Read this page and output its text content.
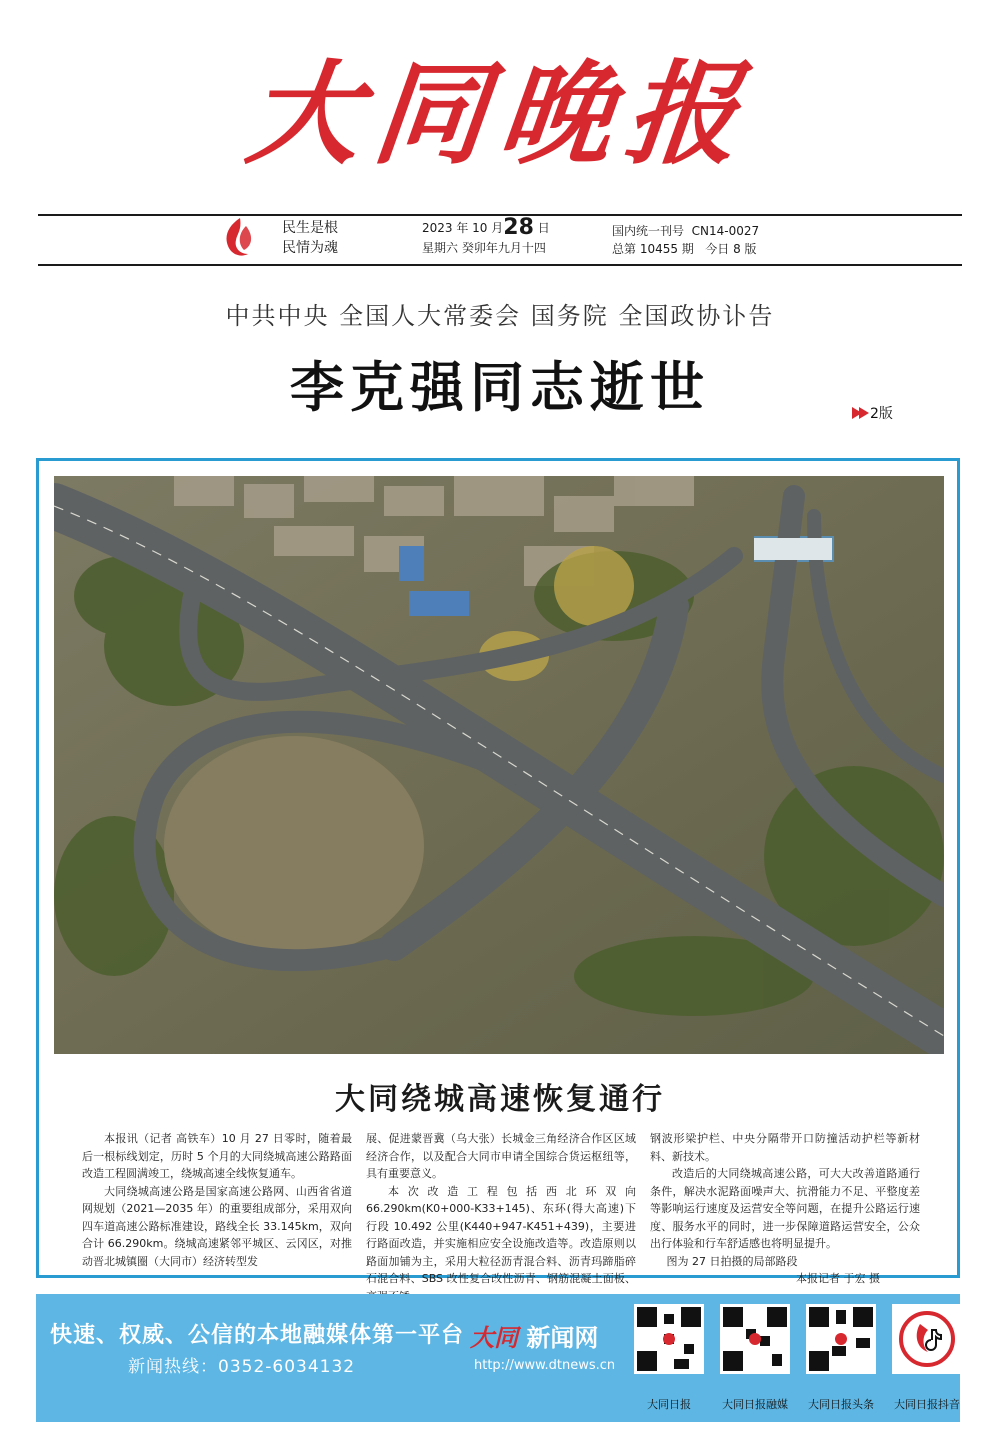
大同晚报
民生是根
民情为魂
2023 年 10 月28 日
星期六 癸卯年九月十四
国内统一刊号 CN14-0027
总第 10455 期 今日 8 版
中共中央 全国人大常委会 国务院 全国政协讣告
李克强同志逝世	2版
大同绕城高速恢复通行

本报讯（记者 高铁车）10 月 27 日零时，随着最后一根标线划定，历时 5 个月的大同绕城高速公路路面改造工程圆满竣工，绕城高速全线恢复通车。

大同绕城高速公路是国家高速公路网、山西省省道网规划（2021—2035 年）的重要组成部分，采用双向四车道高速公路标准建设，路线全长 33.145km，双向合计 66.290km。绕城高速紧邻平城区、云冈区，对推动晋北城镇圈（大同市）经济转型发

展、促进蒙晋冀（乌大张）长城金三角经济合作区区域经济合作，以及配合大同市申请全国综合货运枢纽等，具有重要意义。

本次改造工程包括西北环双向 66.290km(K0+000-K33+145)、东环(得大高速)下行段 10.492 公里(K440+947-K451+439)，主要进行路面改造，并实施相应安全设施改造等。改造原则以路面加铺为主，采用大粒径沥青混合料、沥青玛蹄脂碎石混合料、SBS 改性复合改性沥青、钢筋混凝土面板、

钢波形梁护栏、中央分隔带开口防撞活动护栏等新材料、新技术。

改造后的大同绕城高速公路，可大大改善道路通行条件，解决水泥路面噪声大、抗滑能力不足、平整度差等影响运行速度及运营安全等问题，在提升公路运行速度、服务水平的同时，进一步保障道路运营安全，公众出行体验和行车舒适感也将明显提升。

图为 27 日拍摄的局部路段

本报记者 于宏 摄

快速、权威、公信的本地融媒体第一平台
新闻热线：0352-6034132
大同 新闻网
http://www.dtnews.cn
大同日报	大同日报融媒	大同日报头条	大同日报抖音
